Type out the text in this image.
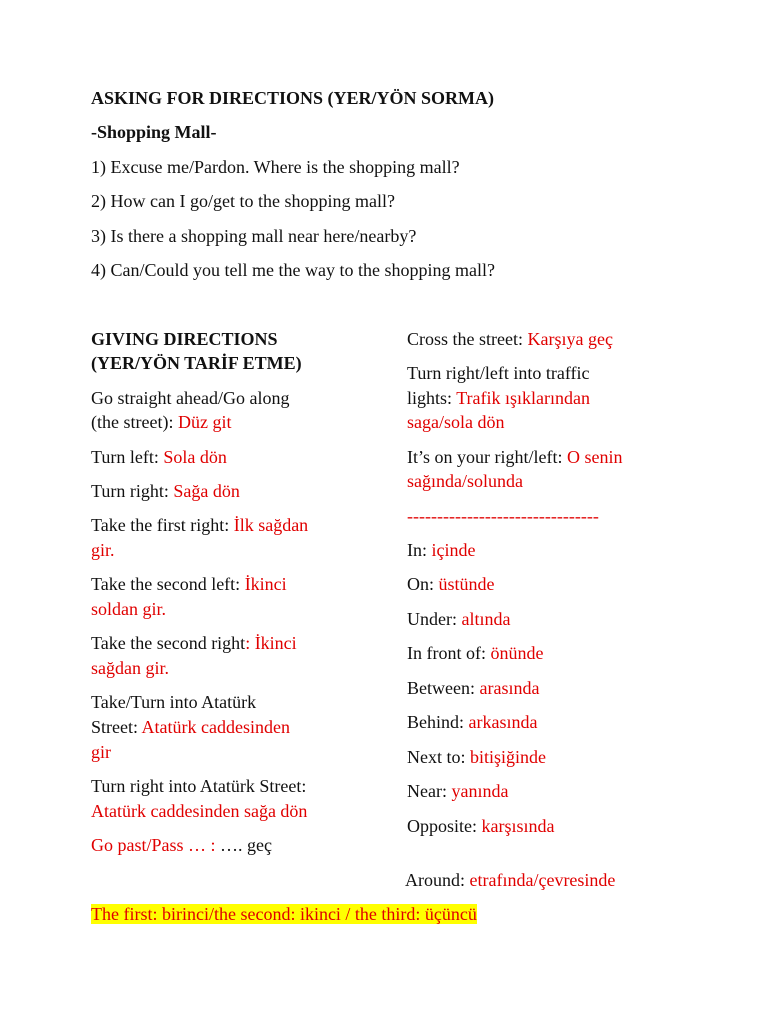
ASKING FOR DIRECTIONS (YER/YÖN SORMA)
-Shopping Mall-
1) Excuse me/Pardon. Where is the shopping mall?
2) How can I go/get to the shopping mall?
3) Is there a shopping mall near here/nearby?
4) Can/Could you tell me the way to the shopping mall?
GIVING DIRECTIONS
(YER/YÖN TARİF ETME)
Go straight ahead/Go along
(the street): Düz git
Turn left: Sola dön
Turn right: Sağa dön
Take the first right: İlk sağdan
gir.
Take the second left: İkinci
soldan gir.
Take the second right: İkinci
sağdan gir.
Take/Turn into Atatürk
Street: Atatürk caddesinden
gir
Turn right into Atatürk Street:
Atatürk caddesinden sağa dön
Go past/Pass … : …. geç
Cross the street: Karşıya geç
Turn right/left into traffic
lights: Trafik ışıklarından
saga/sola dön
It’s on your right/left: O senin
sağında/solunda
--------------------------------
In: içinde
On: üstünde
Under: altında
In front of: önünde
Between: arasında
Behind: arkasında
Next to: bitişiğinde
Near: yanında
Opposite: karşısında
Around: etrafında/çevresinde
The first: birinci/the second: ikinci / the third: üçüncü
